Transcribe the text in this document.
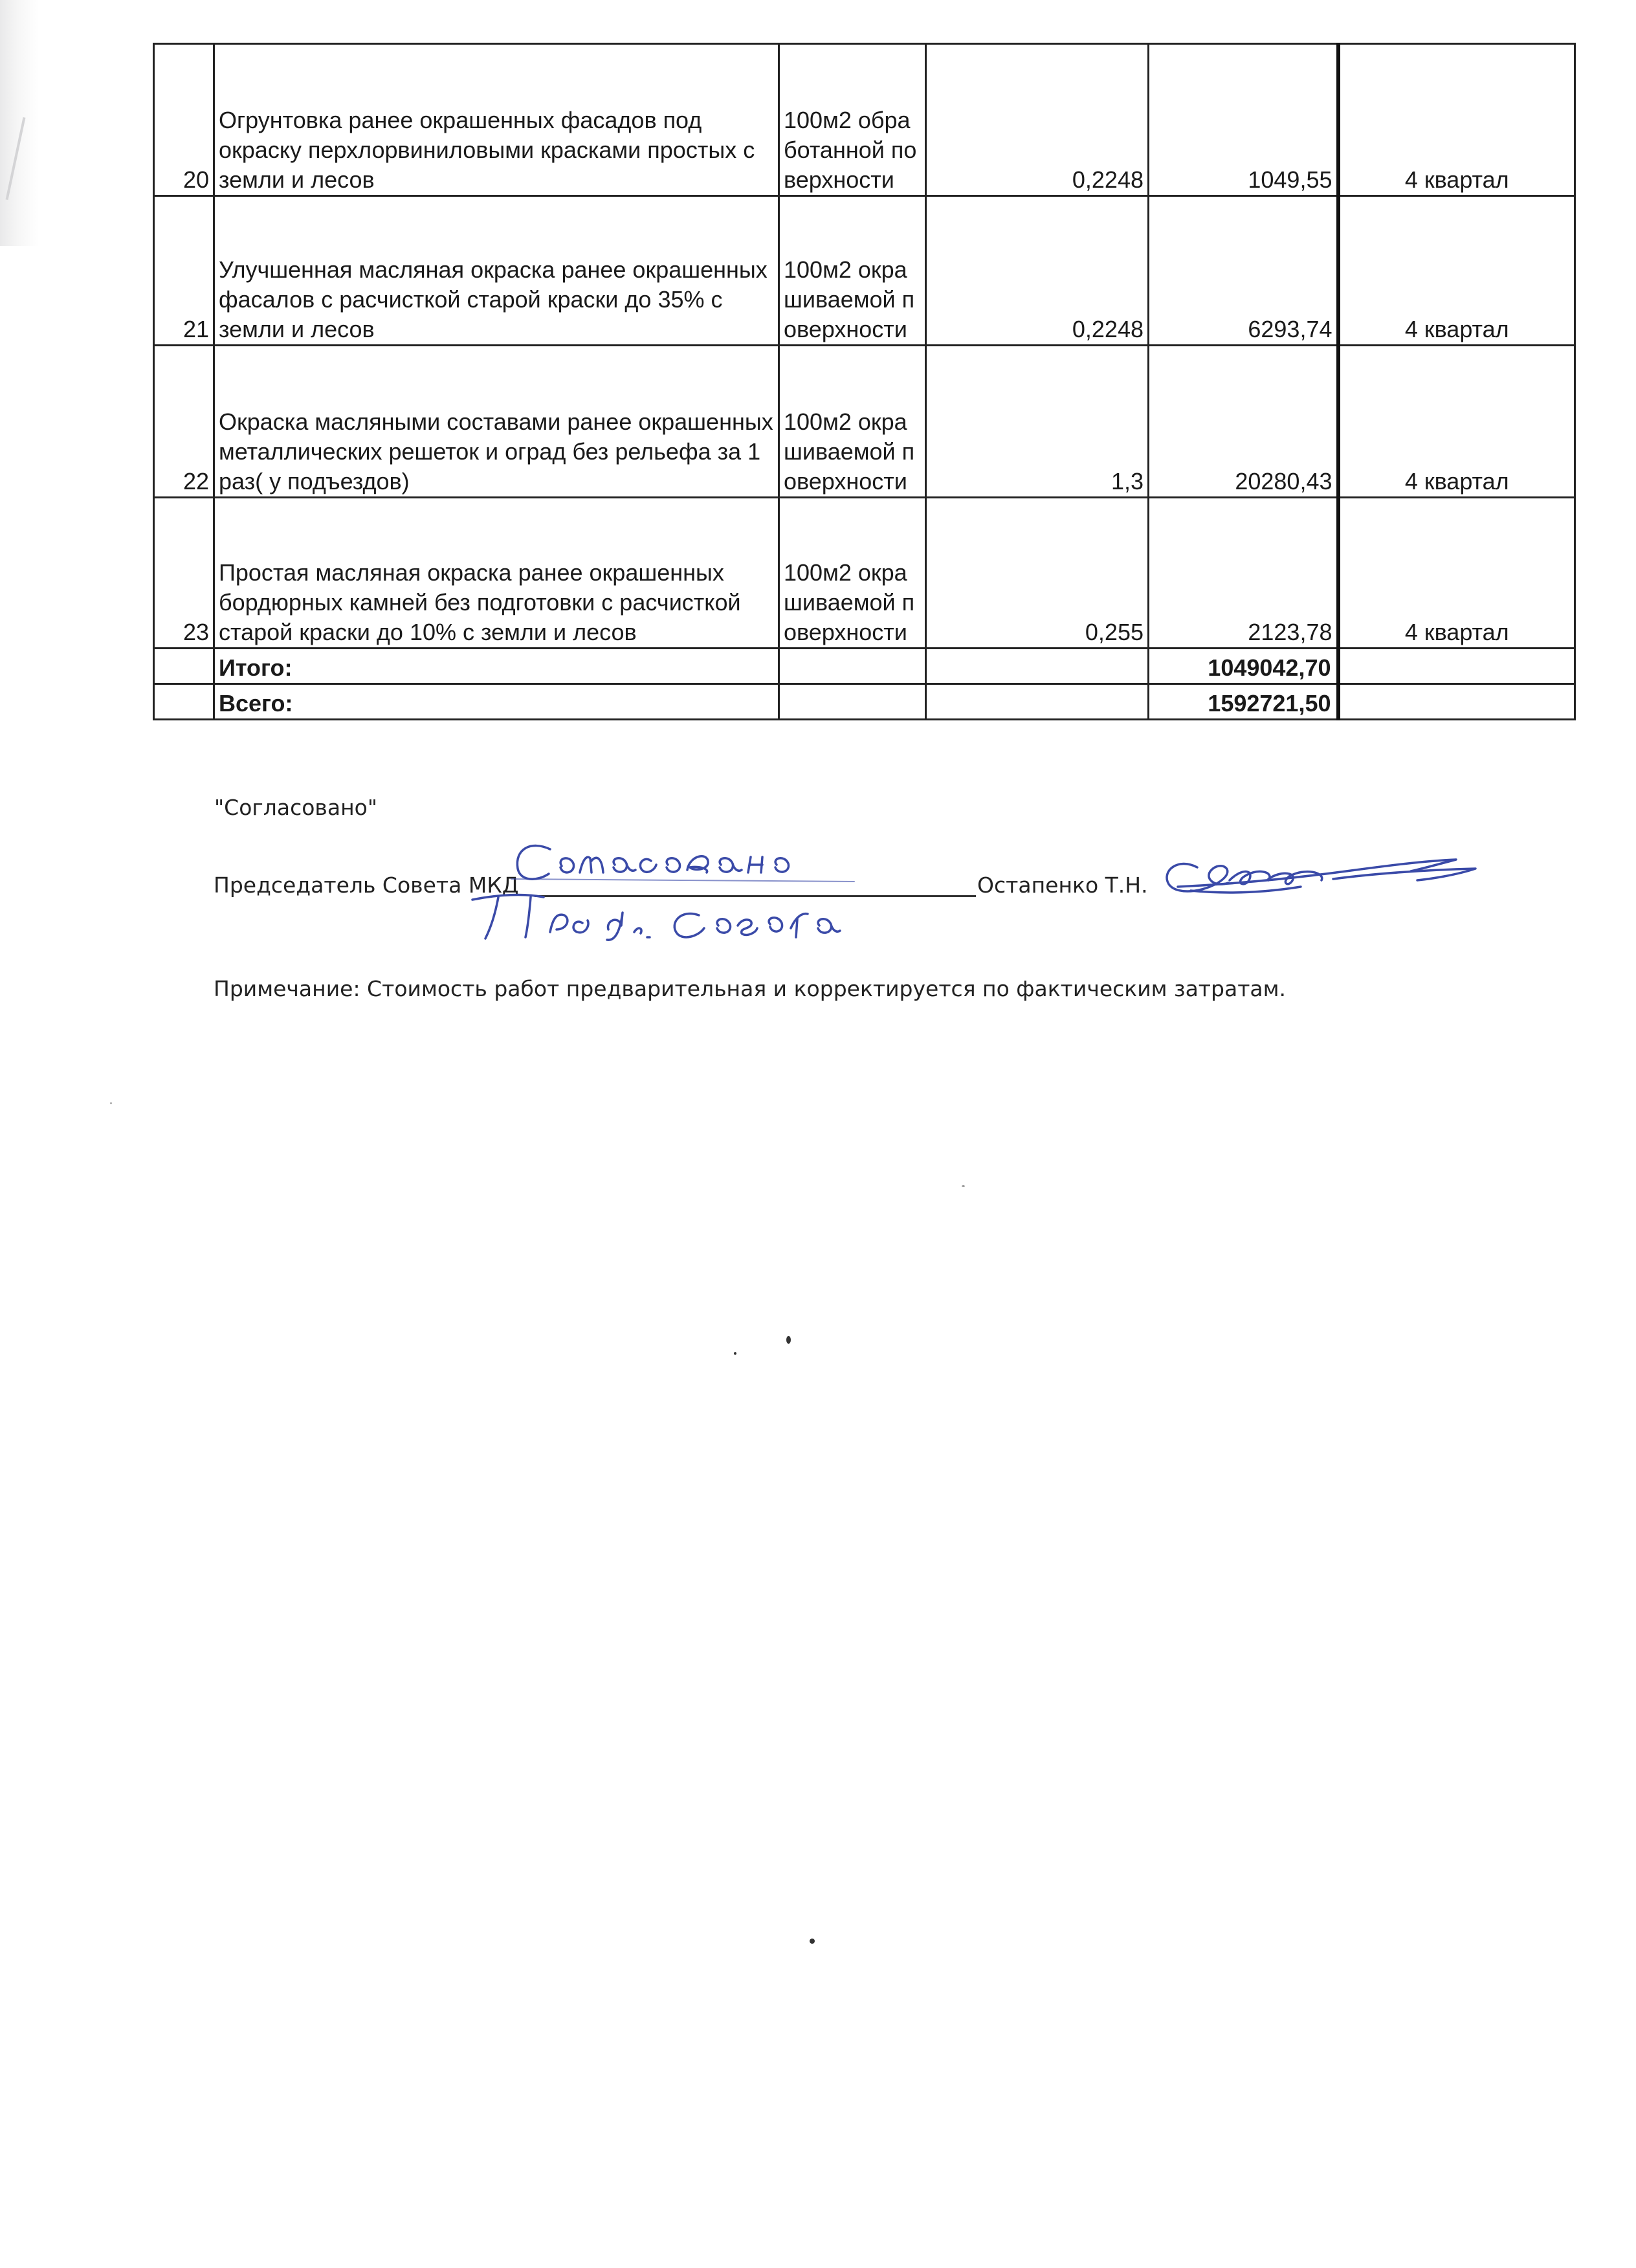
20	Огрунтовка ранее окрашенных фасадов под окраску перхлорвиниловыми красками простых с земли и лесов	100м2 обработанной поверхности	0,2248	1049,55	4 квартал
21	Улучшенная масляная окраска ранее окрашенных фасалов с расчисткой старой краски до 35% с земли и лесов	100м2 окрашиваемой поверхности	0,2248	6293,74	4 квартал
22	Окраска масляными составами ранее окрашенных металлических решеток и оград без рельефа за 1 раз( у подъездов)	100м2 окрашиваемой поверхности	1,3	20280,43	4 квартал
23	Простая масляная окраска ранее окрашенных бордюрных камней без подготовки с расчисткой старой краски до 10% с земли и лесов	100м2 окрашиваемой поверхности	0,255	2123,78	4 квартал
	Итого:			1049042,70	
	Всего:			1592721,50	
"Согласовано"
Председатель Совета МКД	Остапенко Т.Н.
Примечание: Стоимость работ предварительная и корректируется по фактическим затратам.
